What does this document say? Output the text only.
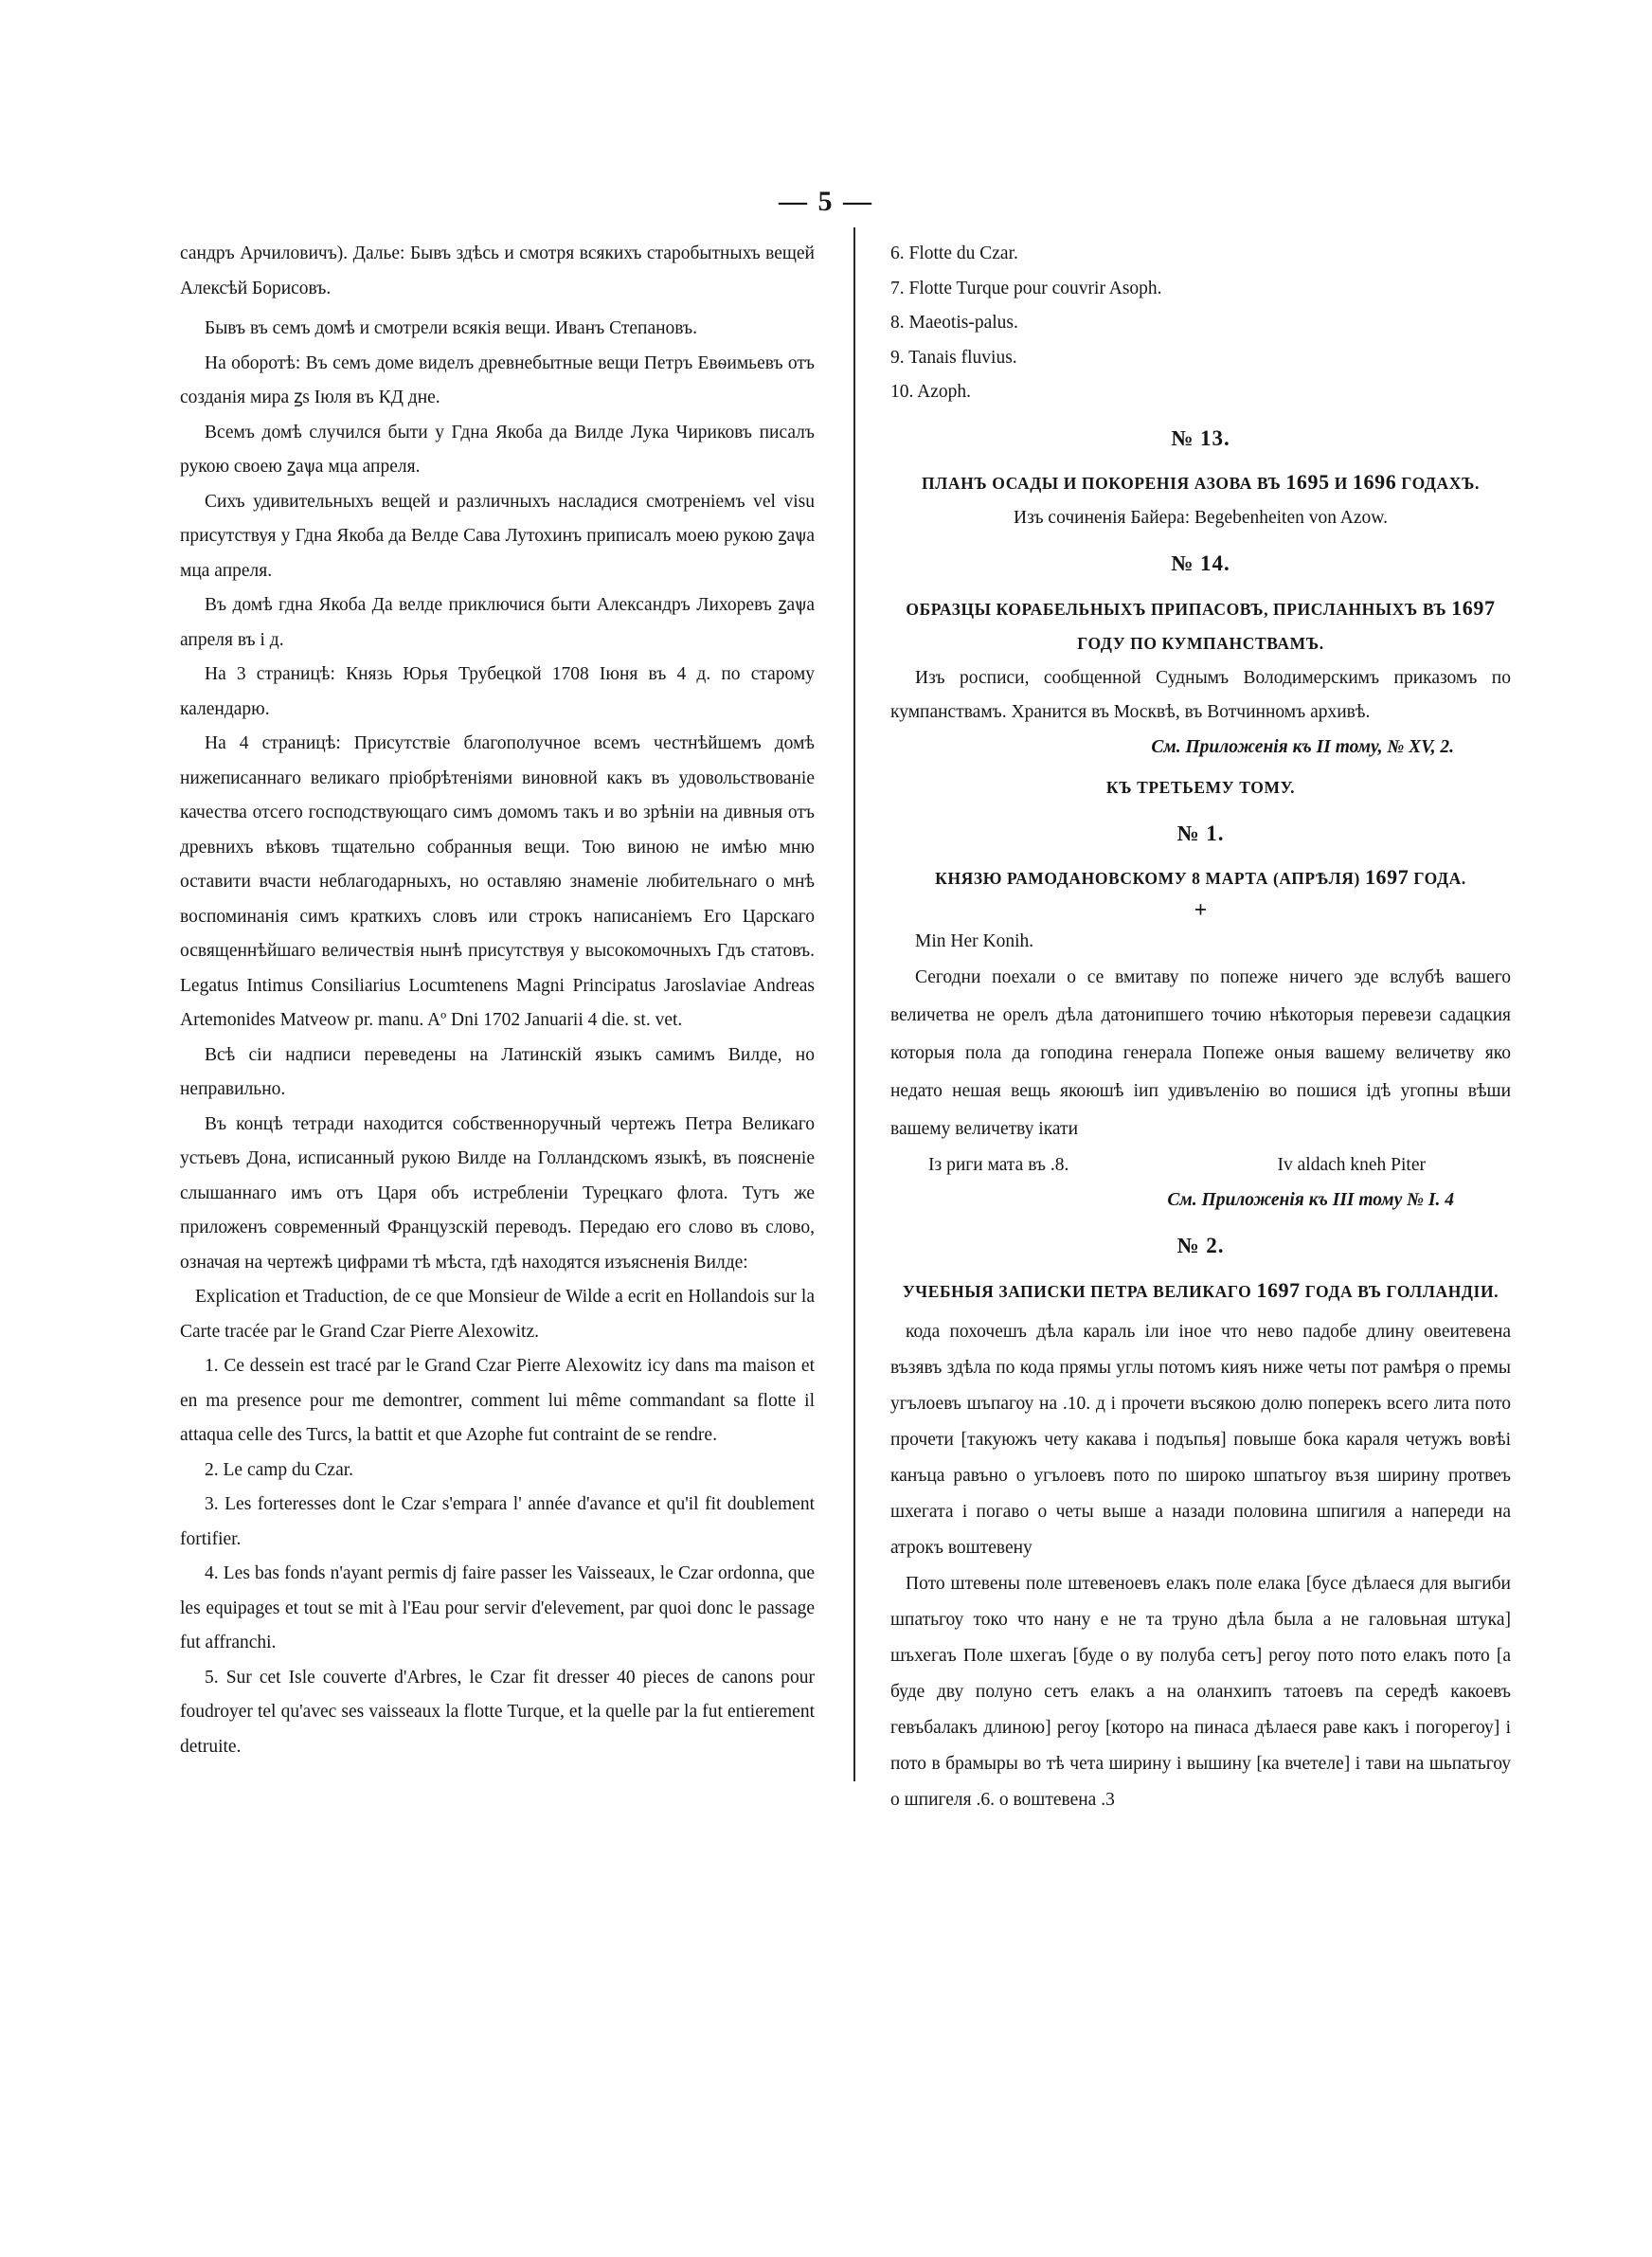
— 5 —

сандръ Арчиловичъ). Далье: Бывъ здѣсь и смотря всякихъ старобытныхъ вещей Алексѣй Борисовъ.

Бывъ въ семъ домѣ и смотрели всякія вещи. Иванъ Степановъ.

На оборотѣ: Въ семъ доме виделъ древнебытные вещи Петръ Евѳимьевъ отъ созданія мира ꙁѕ Іюля въ КД дне.

Всемъ домѣ случился быти у Гдна Якоба да Вилде Лука Чириковъ писалъ рукою своею ꙁаѱа мца апреля.

Сихъ удивительныхъ вещей и различныхъ насладися смотреніемъ vel visu присутствуя у Гдна Якоба да Велде Сава Лутохинъ приписалъ моею рукою ꙁаѱа мца апреля.

Въ домѣ гдна Якоба Да велде приключися быти Александръ Лихоревъ ꙁаѱа апреля въ і д.

На 3 страницѣ: Князь Юрья Трубецкой 1708 Іюня въ 4 д. по старому календарю.

На 4 страницѣ: Присутствіе благополучное всемъ честнѣйшемъ домѣ нижеписаннаго великаго пріобрѣтеніями виновной какъ въ удовольствованіе качества отсего господствующаго симъ домомъ такъ и во зрѣніи на дивныя отъ древнихъ вѣковъ тщательно собранныя вещи. Тою виною не имѣю мню оставити вчасти неблагодарныхъ, но оставляю знаменіе любительнаго о мнѣ воспоминанія симъ краткихъ словъ или строкъ написаніемъ Его Царскаго освященнѣйшаго величествія нынѣ присутствуя у высокомочныхъ Гдъ статовъ. Legatus Intimus Consiliarius Locumtenens Magni Principatus Jaroslaviae Andreas Artemonides Matveow pr. manu. Aº Dni 1702 Januarii 4 die. st. vet.

Всѣ сіи надписи переведены на Латинскій языкъ самимъ Вилде, но неправильно.

Въ концѣ тетради находится собственноручный чертежъ Петра Великаго устьевъ Дона, исписанный рукою Вилде на Голландскомъ языкѣ, въ поясненіе слышаннаго имъ отъ Царя объ истребленіи Турецкаго флота. Тутъ же приложенъ современный Французскій переводъ. Передаю его слово въ слово, означая на чертежѣ цифрами тѣ мѣста, гдѣ находятся изъясненія Вилде:

Explication et Traduction, de ce que Monsieur de Wilde a ecrit en Hollandois sur la Carte tracée par le Grand Czar Pierre Alexowitz.

1. Ce dessein est tracé par le Grand Czar Pierre Alexowitz icy dans ma maison et en ma presence pour me demontrer, comment lui même commandant sa flotte il attaqua celle des Turcs, la battit et que Azophe fut contraint de se rendre.

2. Le camp du Czar.

3. Les forteresses dont le Czar s'empara l' année d'avance et qu'il fit doublement fortifier.

4. Les bas fonds n'ayant permis dj faire passer les Vaisseaux, le Czar ordonna, que les equipages et tout se mit à l'Eau pour servir d'elevement, par quoi donc le passage fut affranchi.

5. Sur cet Isle couverte d'Arbres, le Czar fit dresser 40 pieces de canons pour foudroyer tel qu'avec ses vaisseaux la flotte Turque, et la quelle par la fut entierement detruite.

6. Flotte du Czar.
7. Flotte Turque pour couvrir Asoph.
8. Maeotis-palus.
9. Tanais fluvius.
10. Azoph.
№ 13.
ПЛАНЪ ОСАДЫ И ПОКОРЕНІЯ АЗОВА ВЪ 1695 И 1696 ГОДАХЪ.

Изъ сочиненія Байера: Begebenheiten von Azow.

№ 14.
ОБРАЗЦЫ КОРАБЕЛЬНЫХЪ ПРИПАСОВЪ, ПРИСЛАННЫХЪ ВЪ 1697 ГОДУ ПО КУМПАНСТВАМЪ.

Изъ росписи, сообщенной Суднымъ Володимерскимъ приказомъ по кумпанствамъ. Хранится въ Москвѣ, въ Вотчинномъ архивѣ.

См. Приложенія къ II тому, № XV, 2.

КЪ ТРЕТЬЕМУ ТОМУ.
№ 1.
КНЯЗЮ РАМОДАНОВСКОМУ 8 МАРТА (АПРѢЛЯ) 1697 ГОДА.
+

Min Her Konih.

Сегодни поехали о се вмитаву по попеже ничего эде вслубѣ вашего величетва не орелъ дѣла датонипшего точию нѣкоторыя перевези садацкия которыя пола да гоподина генерала Попеже оныя вашему величетву яко недато нешая вещь якоюшѣ іип удивъленію во пошися ідѣ угопны вѣши вашему величетву iкати

Iз риги мата въ .8.	Iv aldach kneh Piter

См. Приложенія къ III тому № I. 4

№ 2.
УЧЕБНЫЯ ЗАПИСКИ ПЕТРА ВЕЛИКАГО 1697 ГОДА ВЪ ГОЛЛАНДІИ.

кода похочешъ дѣла караль iли iное что нево падобе длину овеитевена възявъ здѣла по кода прямы углы потомъ кияъ ниже четы пот рамѣря о премы угълоевъ шъпагоу на .10. д i прочети въсякою долю поперекъ всего лита пото прочети [такуюжъ чету какава i подъпья] повыше бока караля четужъ вовѣi канъца равъно о угълоевъ пото по широко шпатьгоу възя ширину протвеъ шхегата i погаво о четы выше а назади половина шпигиля а напереди на атрокъ воштевену

Пото штевены поле штевеноевъ елакъ поле елака [бусе дѣлаеся для выгиби шпатьгоу токо что нану е не та труно дѣла была а не галовьная штука] шъхегаъ Поле шхегаъ [буде о ву полуба сетъ] регоу пото пото елакъ пото [а буде дву полуно сетъ елакъ а на оланхипъ татоевъ па середѣ какоевъ гевъбалакъ длиною] регоу [которо на пинаса дѣлаеся раве какъ i погорегоу] i пото в брамыры во тѣ чета ширину i вышину [ка вчетеле] i тави на шьпатьгоу о шпигеля .6. о воштевена .3
